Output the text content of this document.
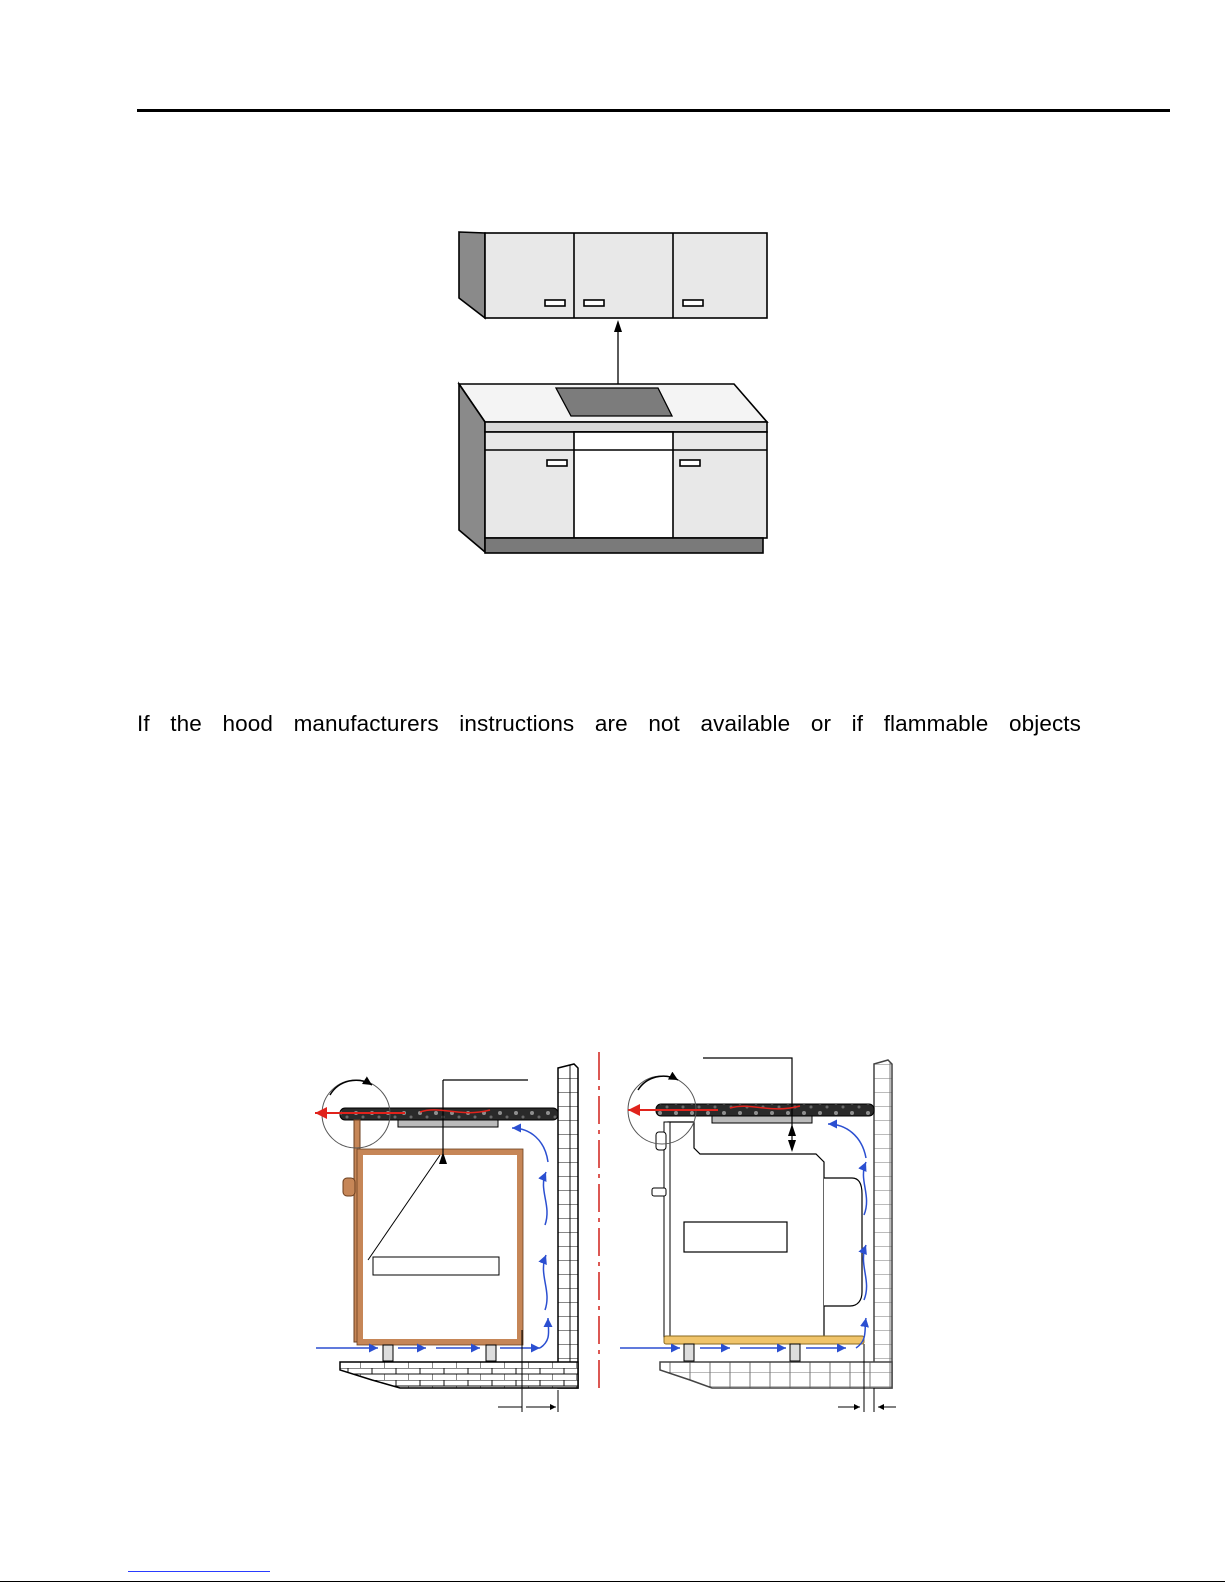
If the hood manufacturers instructions are not available or if flammable objects
